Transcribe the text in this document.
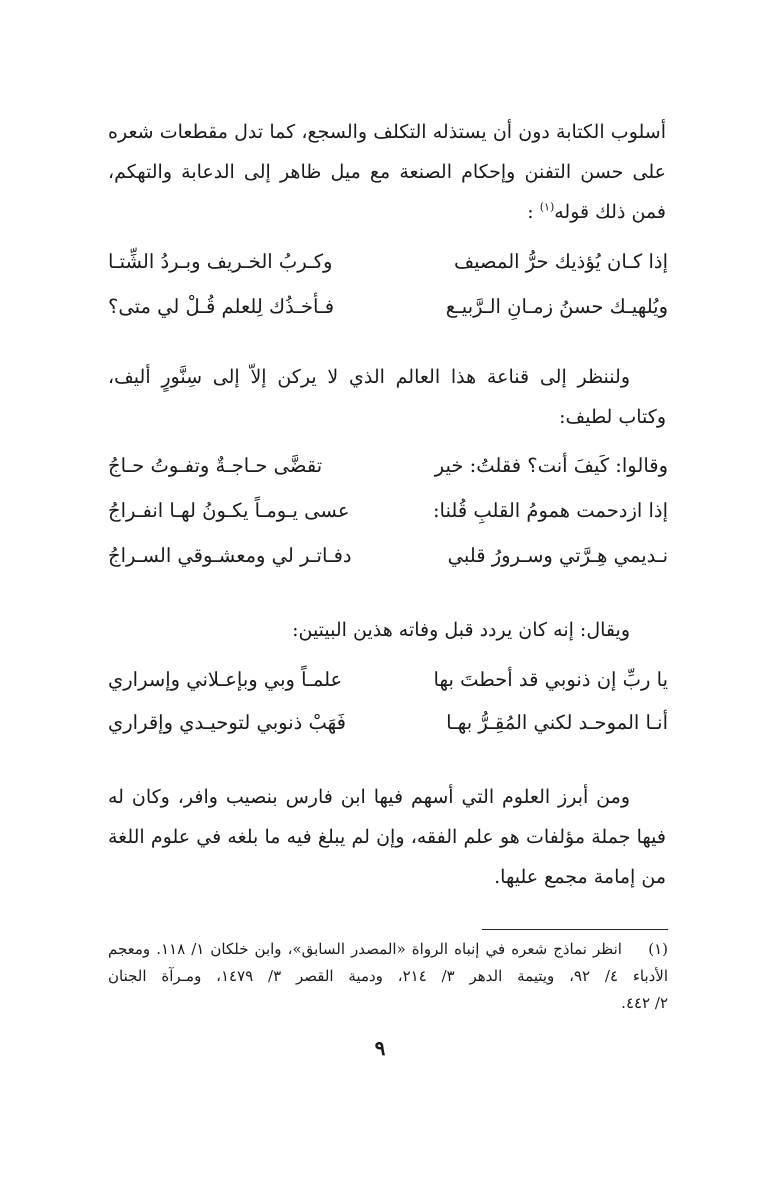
أسلوب الكتابة دون أن يستذله التكلف والسجع، كما تدل مقطعات شعره
على حسن التفنن وإحكام الصنعة مع ميل ظاهر إلى الدعابة والتهكم،
فمن ذلك قوله$^{(١)}$ :
إذا كـان يُؤذيك حرُّ المصيف
وكـربُ الخـريف وبـردُ الشِّتـا
ويُلهيـك حسنُ زمـانِ الـرَّبيـع
فـأخـذُك لِلعلم قُـلْ لي متى؟
ولننظر إلى قناعة هذا العالم الذي لا يركن إلاّ إلى سِنَّورٍ أليف،
وكتاب لطيف:
وقالوا: كَيفَ أنت؟ فقلتُ: خير
تقضَّى حـاجـةٌ وتفـوتُ حـاجُ
إذا ازدحمت همومُ القلبِ قُلنا:
عسى يـومـاً يكـونُ لهـا انفـراجُ
نـديمي هِـرَّتي وسـرورُ قلبي
دفـاتـر لي ومعشـوقي السـراجُ
ويقال: إنه كان يردد قبل وفاته هذين البيتين:
يا ربِّ إن ذنوبي قد أحطتَ بها
علمـاً وبي وبإعـلاني وإسراري
أنـا الموحـد لكني المُقِـرُّ بهـا
فَهَبْ ذنوبي لتوحيـدي وإقراري
ومن أبرز العلوم التي أسهم فيها ابن فارس بنصيب وافر، وكان له
فيها جملة مؤلفات هو علم الفقه، وإن لم يبلغ فيه ما بلغه في علوم اللغة
من إمامة مجمع عليها.
(١) انظر نماذج شعره في إنباه الرواة «المصدر السابق»، وابن خلكان ١/ ١١٨. ومعجم
الأدباء ٤/ ٩٢، ويتيمة الدهر ٣/ ٢١٤، ودمية القصر ٣/ ١٤٧٩، ومـرآة الجنان
٢/ ٤٤٢.
٩
